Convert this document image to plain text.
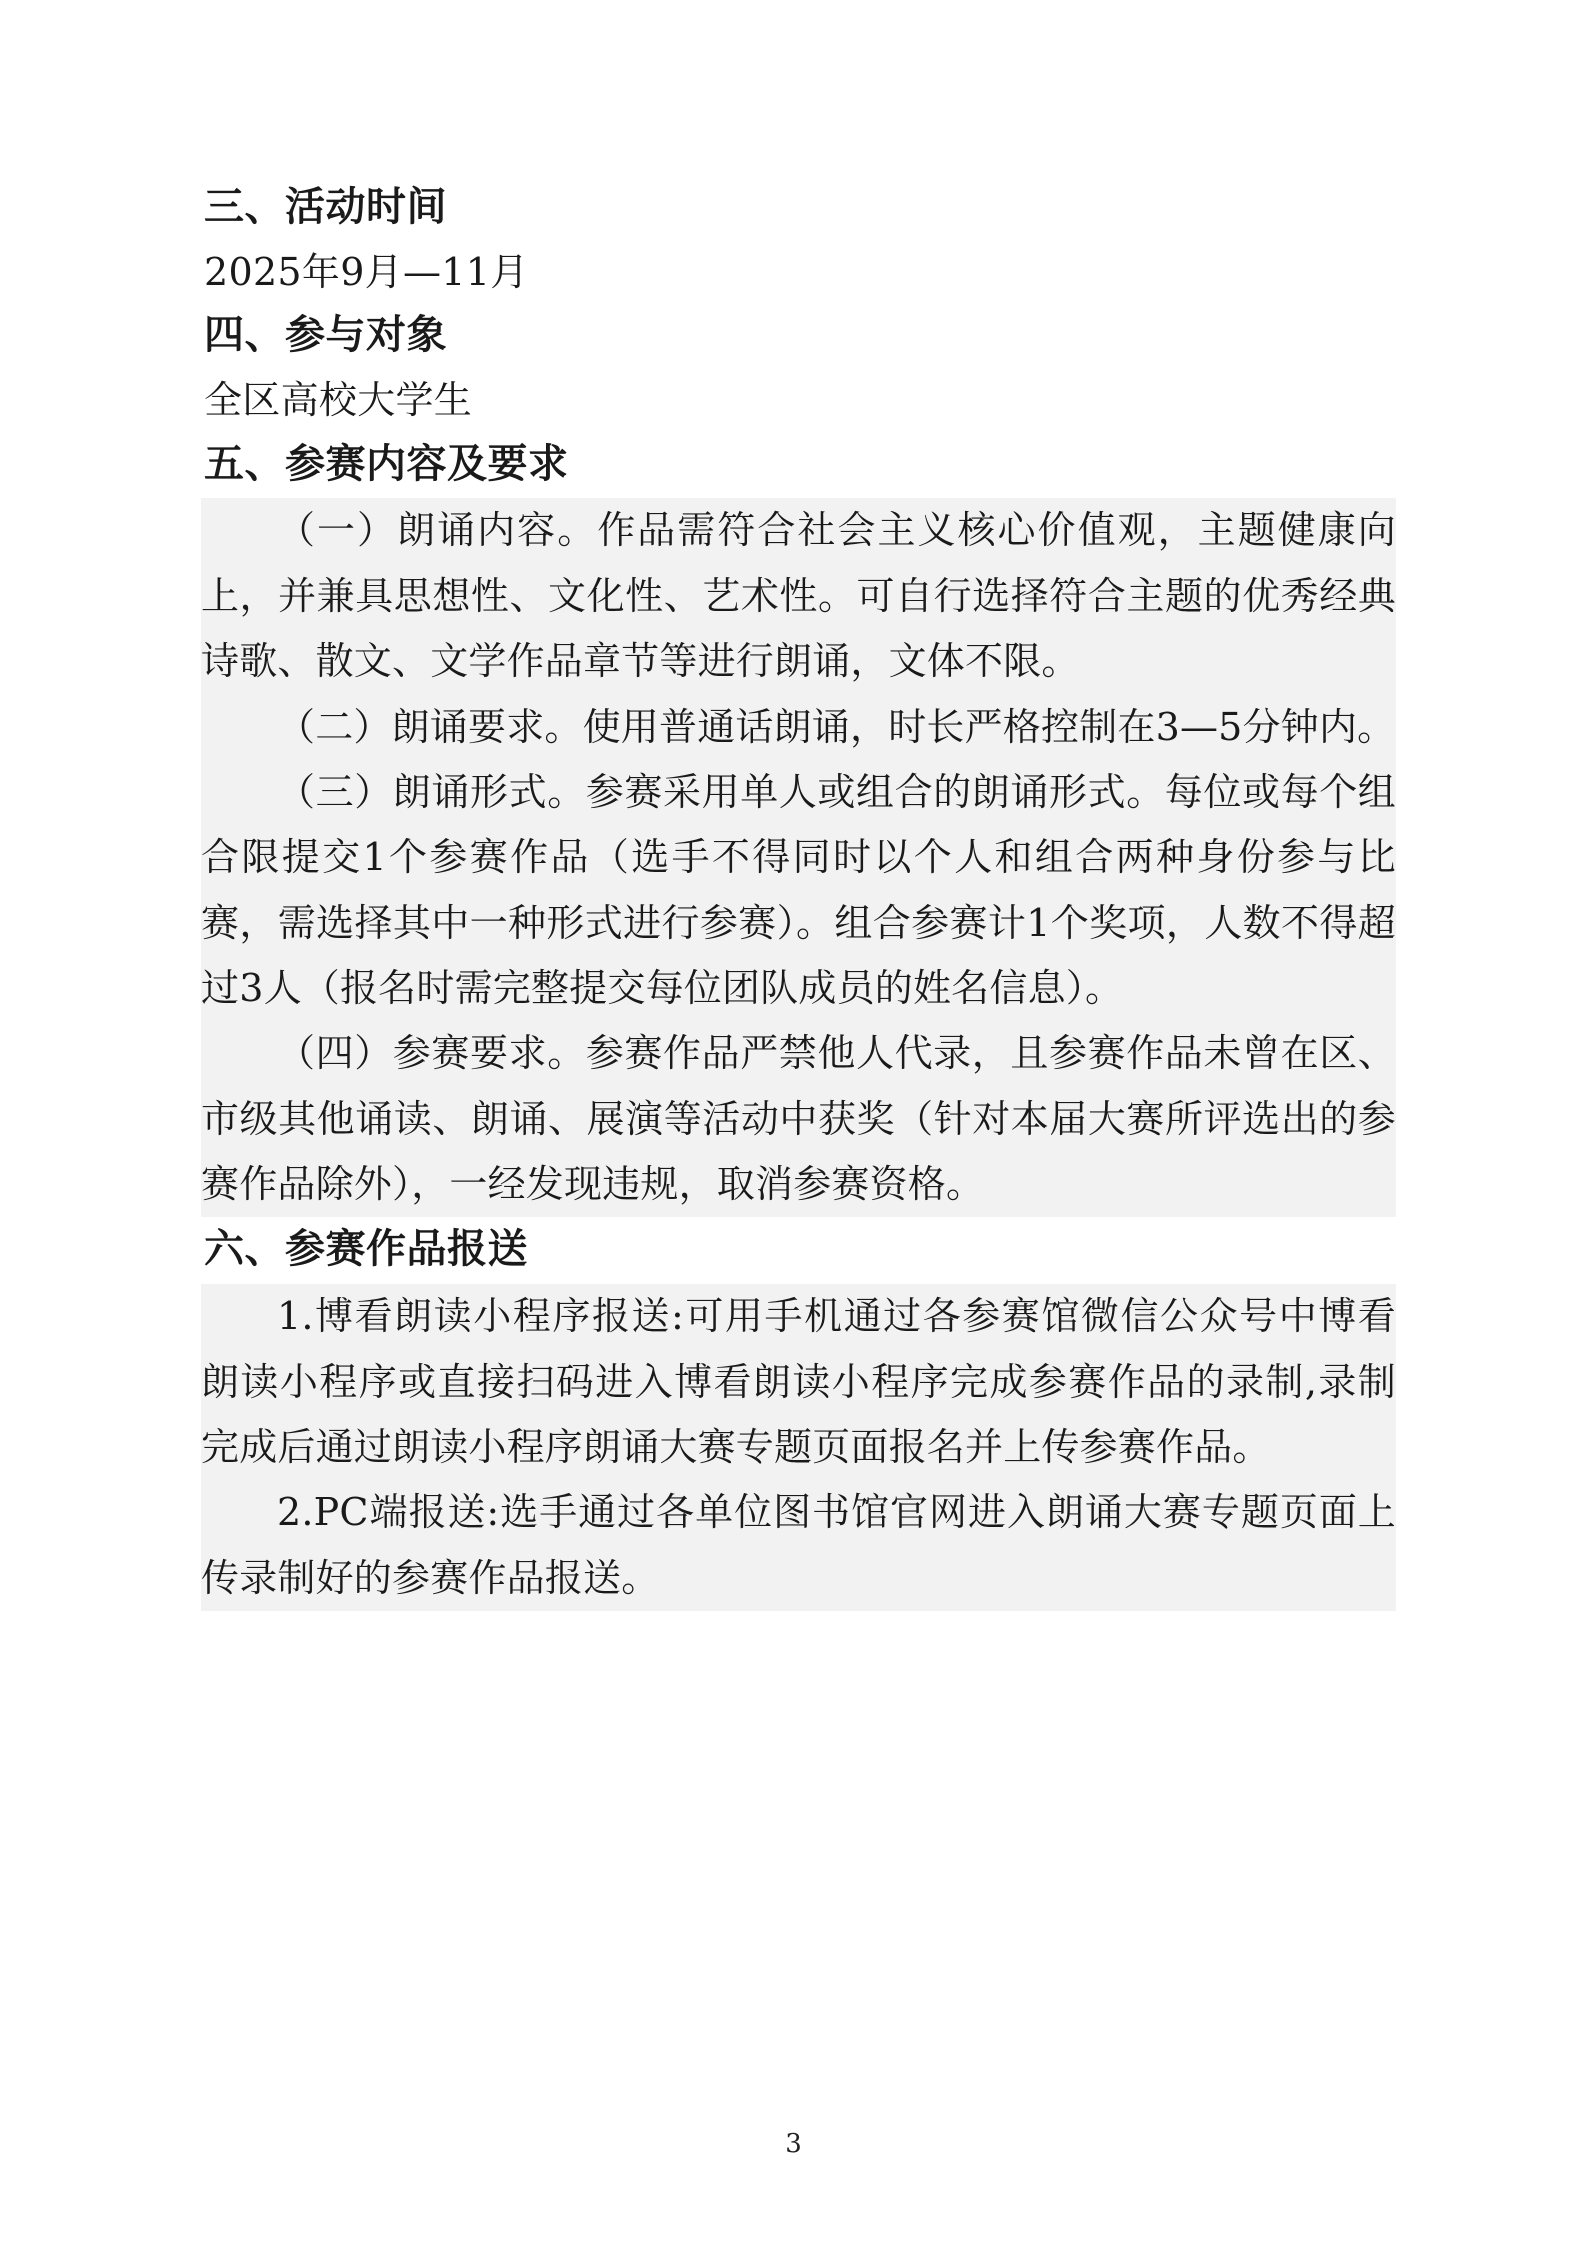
三、活动时间

2025年9月—11月

四、参与对象

全区高校大学生

五、参赛内容及要求

（一）朗诵内容。作品需符合社会主义核心价值观，主题健康向上，并兼具思想性、文化性、艺术性。可自行选择符合主题的优秀经典诗歌、散文、文学作品章节等进行朗诵，文体不限。

（二）朗诵要求。使用普通话朗诵，时长严格控制在3—5分钟内。

（三）朗诵形式。参赛采用单人或组合的朗诵形式。每位或每个组合限提交1个参赛作品（选手不得同时以个人和组合两种身份参与比赛，需选择其中一种形式进行参赛）。组合参赛计1个奖项，人数不得超过3人（报名时需完整提交每位团队成员的姓名信息）。

（四）参赛要求。参赛作品严禁他人代录，且参赛作品未曾在区、市级其他诵读、朗诵、展演等活动中获奖（针对本届大赛所评选出的参赛作品除外），一经发现违规，取消参赛资格。

六、参赛作品报送

1.博看朗读小程序报送:可用手机通过各参赛馆微信公众号中博看朗读小程序或直接扫码进入博看朗读小程序完成参赛作品的录制,录制完成后通过朗读小程序朗诵大赛专题页面报名并上传参赛作品。

2.PC端报送:选手通过各单位图书馆官网进入朗诵大赛专题页面上传录制好的参赛作品报送。

3
